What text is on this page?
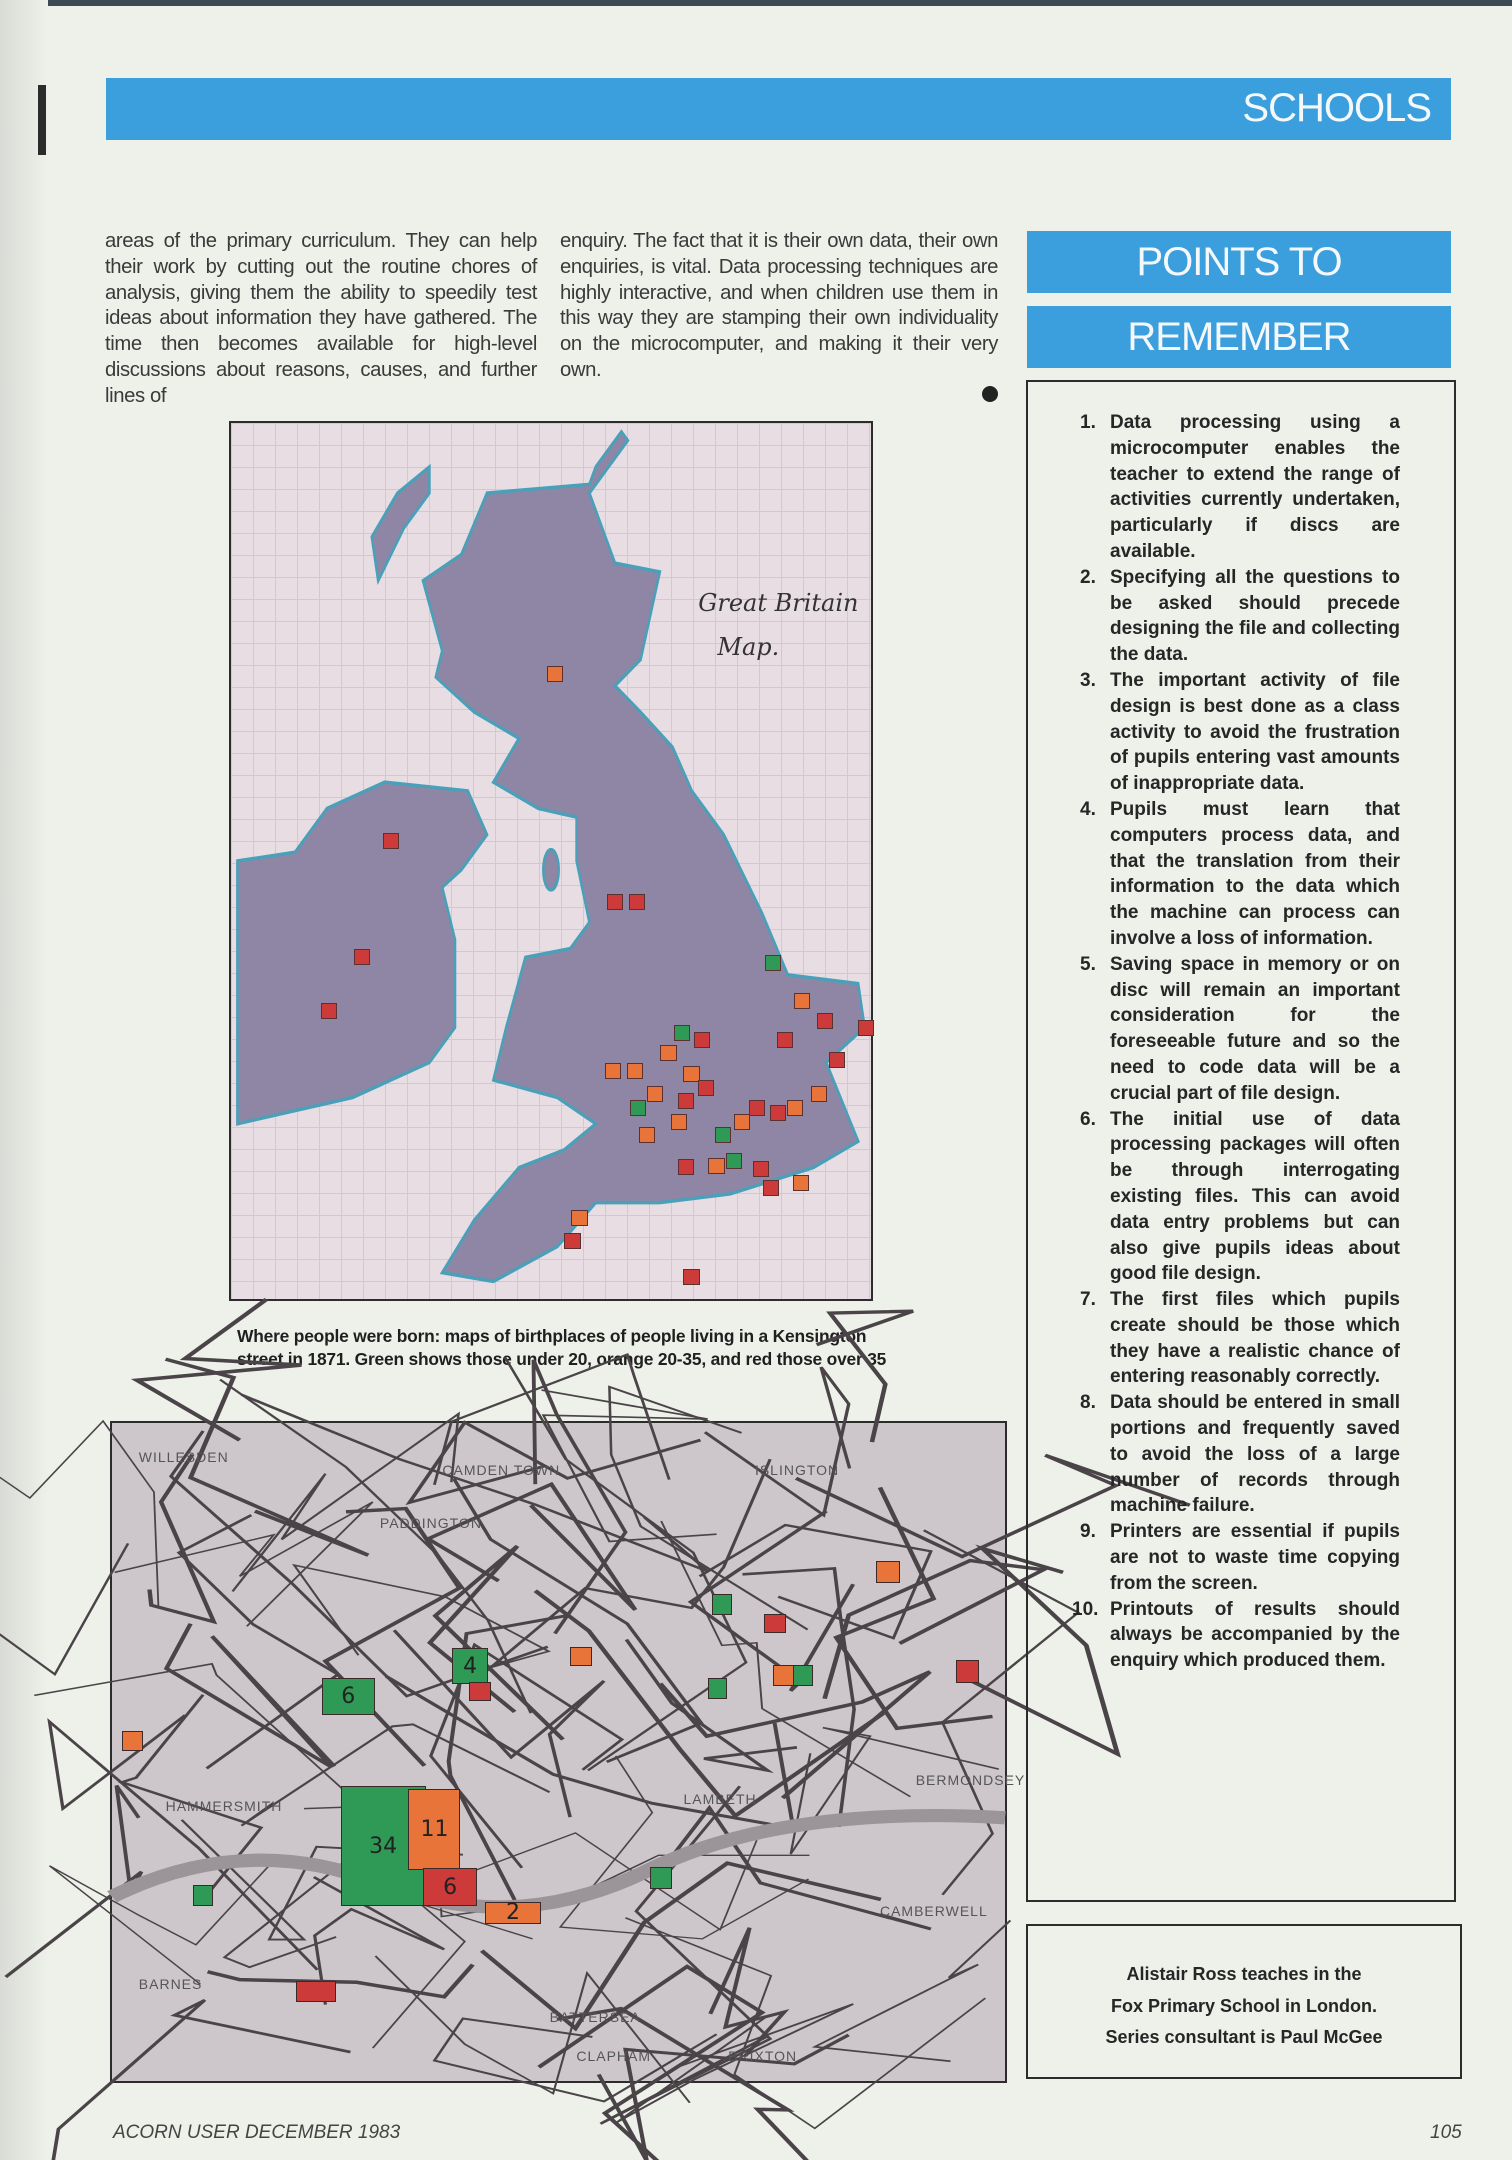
SCHOOLS
areas of the primary curriculum. They can help their work by cutting out the routine chores of analysis, giving them the ability to speedily test ideas about information they have gathered. The time then becomes available for high-level discussions about reasons, causes, and further lines of
enquiry. The fact that it is their own data, their own enquiries, is vital. Data processing techniques are highly interactive, and when children use them in this way they are stamping their own individuality on the microcomputer, and making it their very own.
Great Britain
Map.
Where people were born: maps of birthplaces of people living in a Kensington street in 1871. Green shows those under 20, orange 20-35, and red those over 35
WILLESDEN
CAMDEN TOWN	ISLINGTON
PADDINGTON
HAMMERSMITH	LAMBETH
BERMONDSEY
CAMBERWELL
BARNES
BATTERSEA
CLAPHAM	BRIXTON
34
11
6
6
4
2
POINTS TO
REMEMBER
1. Data processing using a microcomputer enables the teacher to extend the range of activities currently undertaken, particularly if discs are available.
2. Specifying all the questions to be asked should precede designing the file and collecting the data.
3. The important activity of file design is best done as a class activity to avoid the frustration of pupils entering vast amounts of inappropriate data.
4. Pupils must learn that computers process data, and that the translation from their information to the data which the machine can process can involve a loss of information.
5. Saving space in memory or on disc will remain an important consideration for the foreseeable future and so the need to code data will be a crucial part of file design.
6. The initial use of data processing packages will often be through interrogating existing files. This can avoid data entry problems but can also give pupils ideas about good file design.
7. The first files which pupils create should be those which they have a realistic chance of entering reasonably correctly.
8. Data should be entered in small portions and frequently saved to avoid the loss of a large number of records through machine failure.
9. Printers are essential if pupils are not to waste time copying from the screen.
10. Printouts of results should always be accompanied by the enquiry which produced them.
Alistair Ross teaches in the
Fox Primary School in London.
Series consultant is Paul McGee
ACORN USER DECEMBER 1983	105
